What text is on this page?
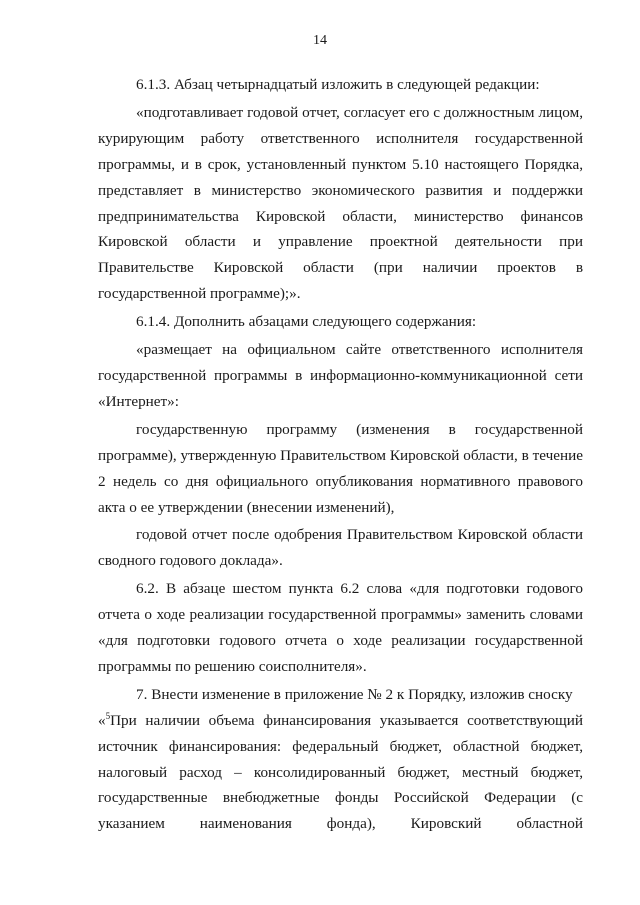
14

6.1.3. Абзац четырнадцатый изложить в следующей редакции:

«подготавливает годовой отчет, согласует его с должностным лицом, курирующим работу ответственного исполнителя государственной программы, и в срок, установленный пунктом 5.10 настоящего Порядка, представляет в министерство экономического развития и поддержки предпринимательства Кировской области, министерство финансов Кировской области и управление проектной деятельности при Правительстве Кировской области (при наличии проектов в государственной программе);».

6.1.4. Дополнить абзацами следующего содержания:

«размещает на официальном сайте ответственного исполнителя государственной программы в информационно-коммуникационной сети «Интернет»:

государственную программу (изменения в государственной программе), утвержденную Правительством Кировской области, в течение 2 недель со дня официального опубликования нормативного правового акта о ее утверждении (внесении изменений),

годовой отчет после одобрения Правительством Кировской области сводного годового доклада».

6.2. В абзаце шестом пункта 6.2 слова «для подготовки годового отчета о ходе реализации государственной программы» заменить словами «для подготовки годового отчета о ходе реализации государственной программы по решению соисполнителя».

7. Внести изменение в приложение № 2 к Порядку, изложив сноску

«$^5$При наличии объема финансирования указывается соответствующий источник финансирования: федеральный бюджет, областной бюджет, налоговый расход – консолидированный бюджет, местный бюджет, государственные внебюджетные фонды Российской Федерации (с указанием наименования фонда), Кировский областной
